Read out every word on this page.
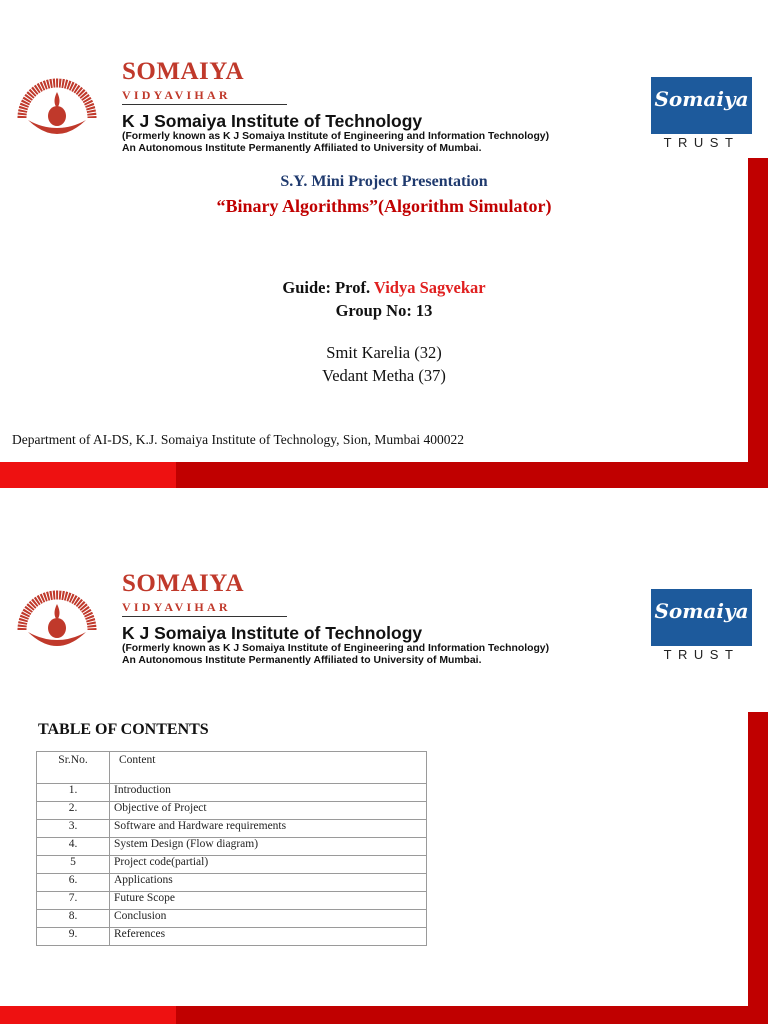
SOMAIYA
VIDYAVIHAR
K J Somaiya Institute of Technology
(Formerly known as K J Somaiya Institute of Engineering and Information Technology)
An Autonomous Institute Permanently Affiliated to University of Mumbai.
Somaiya
TRUST
S.Y. Mini Project Presentation
“Binary Algorithms”(Algorithm Simulator)
Guide: Prof. Vidya Sagvekar
Group No: 13
Smit Karelia (32)
Vedant Metha (37)
Department of AI-DS, K.J. Somaiya Institute of Technology, Sion, Mumbai 400022
SOMAIYA
VIDYAVIHAR
K J Somaiya Institute of Technology
(Formerly known as K J Somaiya Institute of Engineering and Information Technology)
An Autonomous Institute Permanently Affiliated to University of Mumbai.
Somaiya
TRUST
TABLE OF CONTENTS
Sr.No.	Content
1.	Introduction
2.	Objective of Project
3.	Software and Hardware requirements
4.	System Design (Flow diagram)
5	Project code(partial)
6.	Applications
7.	Future Scope
8.	Conclusion
9.	References
